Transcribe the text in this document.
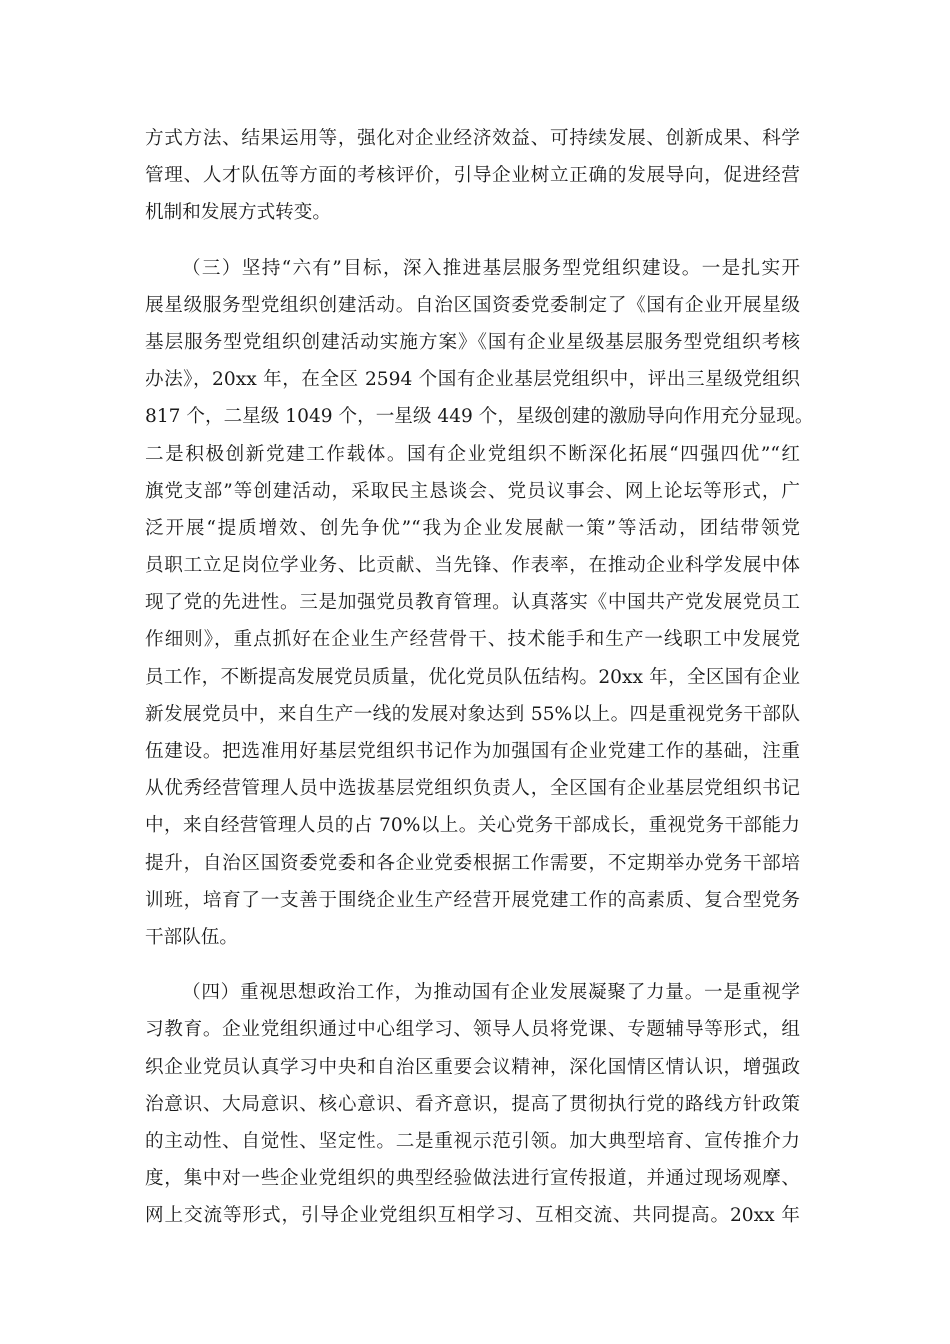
方式方法、结果运用等，强化对企业经济效益、可持续发展、创新成果、科学
管理、人才队伍等方面的考核评价，引导企业树立正确的发展导向，促进经营
机制和发展方式转变。
（三）坚持“六有”目标，深入推进基层服务型党组织建设。一是扎实开
展星级服务型党组织创建活动。自治区国资委党委制定了《国有企业开展星级
基层服务型党组织创建活动实施方案》《国有企业星级基层服务型党组织考核
办法》，20xx 年，在全区 2594 个国有企业基层党组织中，评出三星级党组织
817 个，二星级 1049 个，一星级 449 个，星级创建的激励导向作用充分显现。
二是积极创新党建工作载体。国有企业党组织不断深化拓展“四强四优”“红
旗党支部”等创建活动，采取民主恳谈会、党员议事会、网上论坛等形式，广
泛开展“提质增效、创先争优”“我为企业发展献一策”等活动，团结带领党
员职工立足岗位学业务、比贡献、当先锋、作表率，在推动企业科学发展中体
现了党的先进性。三是加强党员教育管理。认真落实《中国共产党发展党员工
作细则》，重点抓好在企业生产经营骨干、技术能手和生产一线职工中发展党
员工作，不断提高发展党员质量，优化党员队伍结构。20xx 年，全区国有企业
新发展党员中，来自生产一线的发展对象达到 55%以上。四是重视党务干部队
伍建设。把选准用好基层党组织书记作为加强国有企业党建工作的基础，注重
从优秀经营管理人员中选拔基层党组织负责人，全区国有企业基层党组织书记
中，来自经营管理人员的占 70%以上。关心党务干部成长，重视党务干部能力
提升，自治区国资委党委和各企业党委根据工作需要，不定期举办党务干部培
训班，培育了一支善于围绕企业生产经营开展党建工作的高素质、复合型党务
干部队伍。
（四）重视思想政治工作，为推动国有企业发展凝聚了力量。一是重视学
习教育。企业党组织通过中心组学习、领导人员将党课、专题辅导等形式，组
织企业党员认真学习中央和自治区重要会议精神，深化国情区情认识，增强政
治意识、大局意识、核心意识、看齐意识，提高了贯彻执行党的路线方针政策
的主动性、自觉性、坚定性。二是重视示范引领。加大典型培育、宣传推介力
度，集中对一些企业党组织的典型经验做法进行宣传报道，并通过现场观摩、
网上交流等形式，引导企业党组织互相学习、互相交流、共同提高。20xx 年
